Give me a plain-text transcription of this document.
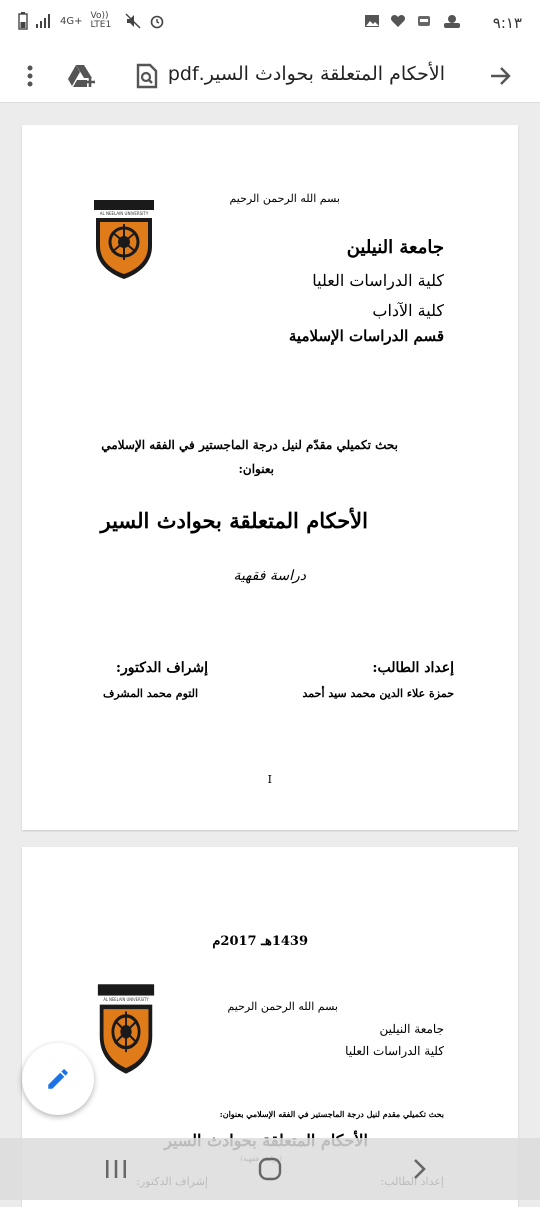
4G+ Vo)) LTE1	٩:١٣
الأحكام المتعلقة بحوادث السير.pdf
بسم الله الرحمن الرحيم
AL NEELAIN UNIVERSITY
جامعة النيلين
كلية الدراسات العليا
كلية الآداب
قسم الدراسات الإسلامية
بحث تكميلي مقدّم لنيل درجة الماجستير في الفقه الإسلامي
بعنوان:
الأحكام المتعلقة بحوادث السير
دراسة فقهية
إعداد الطالب:
حمزة علاء الدين محمد سيد أحمد
إشراف الدكتور:
التوم محمد المشرف
I
1439هـ 2017م
بسم الله الرحمن الرحيم
AL NEELAIN UNIVERSITY
جامعة النيلين
كلية الدراسات العليا
بحث تكميلي مقدم لنيل درجة الماجستير في الفقه الإسلامي بعنوان:
